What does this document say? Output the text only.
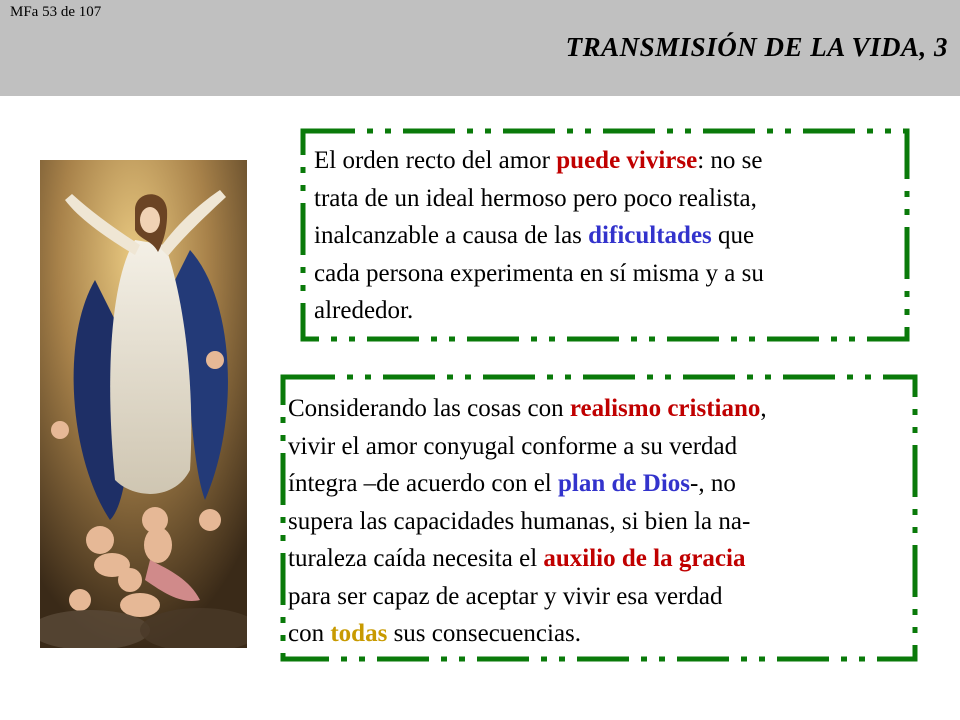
MFa 53 de 107
TRANSMISIÓN DE LA VIDA, 3
El orden recto del amor puede vivirse: no se
trata de un ideal hermoso pero poco realista,
inalcanzable a causa de las dificultades que
cada persona experimenta en sí misma y a su
alrededor.
Considerando las cosas con realismo cristiano,
vivir el amor conyugal conforme a su verdad
íntegra –de acuerdo con el plan de Dios-, no
supera las capacidades humanas, si bien la na-
turaleza caída necesita el auxilio de la gracia
para ser capaz de aceptar y vivir esa verdad
con todas sus consecuencias.
